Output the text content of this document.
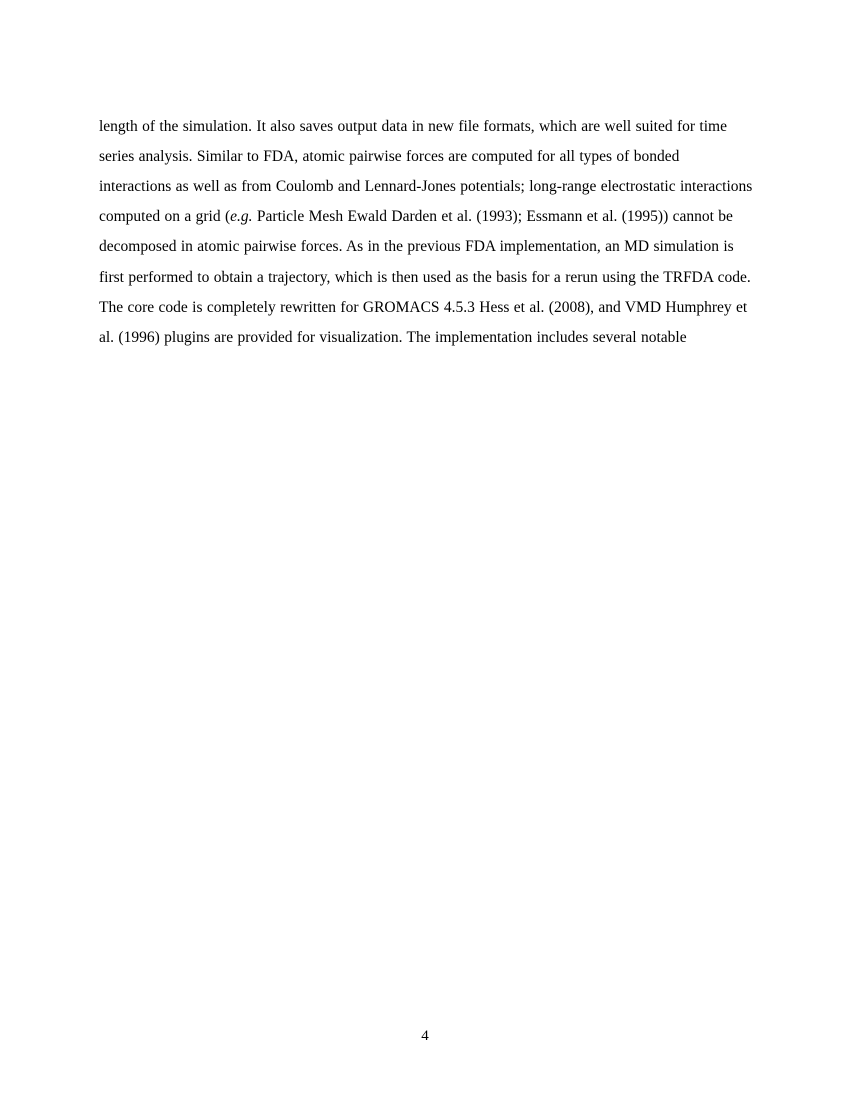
length of the simulation. It also saves output data in new file formats, which are well suited for time series analysis. Similar to FDA, atomic pairwise forces are computed for all types of bonded interactions as well as from Coulomb and Lennard-Jones potentials; long-range electrostatic interactions computed on a grid (e.g. Particle Mesh Ewald Darden et al. (1993); Essmann et al. (1995)) cannot be decomposed in atomic pairwise forces. As in the previous FDA implementation, an MD simulation is first performed to obtain a trajectory, which is then used as the basis for a rerun using the TRFDA code. The core code is completely rewritten for GROMACS 4.5.3 Hess et al. (2008), and VMD Humphrey et al. (1996) plugins are provided for visualization. The implementation includes several notable

4
